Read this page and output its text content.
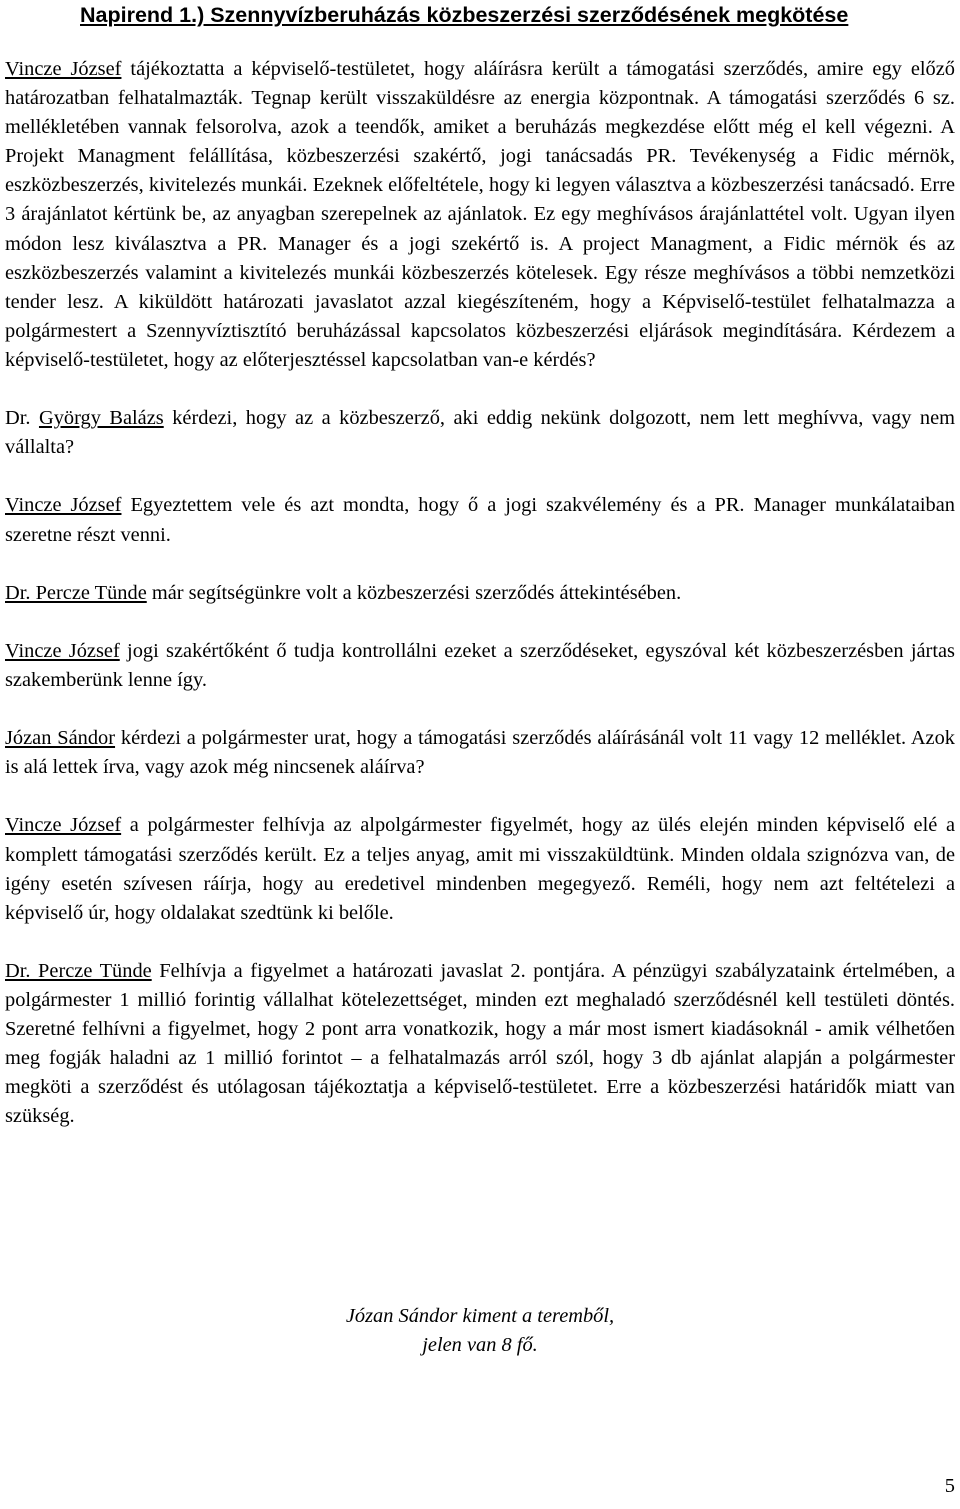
Napirend 1.) Szennyvízberuházás közbeszerzési szerződésének megkötése

Vincze József tájékoztatta a képviselő-testületet, hogy aláírásra került a támogatási szerződés, amire egy előző határozatban felhatalmazták. Tegnap került visszaküldésre az energia központnak. A támogatási szerződés 6 sz. mellékletében vannak felsorolva, azok a teendők, amiket a beruházás megkezdése előtt még el kell végezni. A Projekt Managment felállítása, közbeszerzési szakértő, jogi tanácsadás PR. Tevékenység a Fidic mérnök, eszközbeszerzés, kivitelezés munkái. Ezeknek előfeltétele, hogy ki legyen választva a közbeszerzési tanácsadó. Erre 3 árajánlatot kértünk be, az anyagban szerepelnek az ajánlatok. Ez egy meghívásos árajánlattétel volt. Ugyan ilyen módon lesz kiválasztva a PR. Manager és a jogi szekértő is. A project Managment, a Fidic mérnök és az eszközbeszerzés valamint a kivitelezés munkái közbeszerzés kötelesek. Egy része meghívásos a többi nemzetközi tender lesz. A kiküldött határozati javaslatot azzal kiegészíteném, hogy a Képviselő-testület felhatalmazza a polgármestert a Szennyvíztisztító beruházással kapcsolatos közbeszerzési eljárások megindítására. Kérdezem a képviselő-testületet, hogy az előterjesztéssel kapcsolatban van-e kérdés?

Dr. György Balázs kérdezi, hogy az a közbeszerző, aki eddig nekünk dolgozott, nem lett meghívva, vagy nem vállalta?

Vincze József Egyeztettem vele és azt mondta, hogy ő a jogi szakvélemény és a PR. Manager munkálataiban szeretne részt venni.

Dr. Percze Tünde már segítségünkre volt a közbeszerzési szerződés áttekintésében.

Vincze József jogi szakértőként ő tudja kontrollálni ezeket a szerződéseket, egyszóval két közbeszerzésben jártas szakemberünk lenne így.

Józan Sándor kérdezi a polgármester urat, hogy a támogatási szerződés aláírásánál volt 11 vagy 12 melléklet. Azok is alá lettek írva, vagy azok még nincsenek aláírva?

Vincze József a polgármester felhívja az alpolgármester figyelmét, hogy az ülés elején minden képviselő elé a komplett támogatási szerződés került. Ez a teljes anyag, amit mi visszaküldtünk. Minden oldala szignózva van, de igény esetén szívesen ráírja, hogy au eredetivel mindenben megegyező. Reméli, hogy nem azt feltételezi a képviselő úr, hogy oldalakat szedtünk ki belőle.

Dr. Percze Tünde Felhívja a figyelmet a határozati javaslat 2. pontjára. A pénzügyi szabályzataink értelmében, a polgármester 1 millió forintig vállalhat kötelezettséget, minden ezt meghaladó szerződésnél kell testületi döntés. Szeretné felhívni a figyelmet, hogy 2 pont arra vonatkozik, hogy a már most ismert kiadásoknál - amik vélhetően meg fogják haladni az 1 millió forintot – a felhatalmazás arról szól, hogy 3 db ajánlat alapján a polgármester megköti a szerződést és utólagosan tájékoztatja a képviselő-testületet. Erre a közbeszerzési határidők miatt van szükség.

Józan Sándor kiment a teremből,
jelen van 8 fő.
5
